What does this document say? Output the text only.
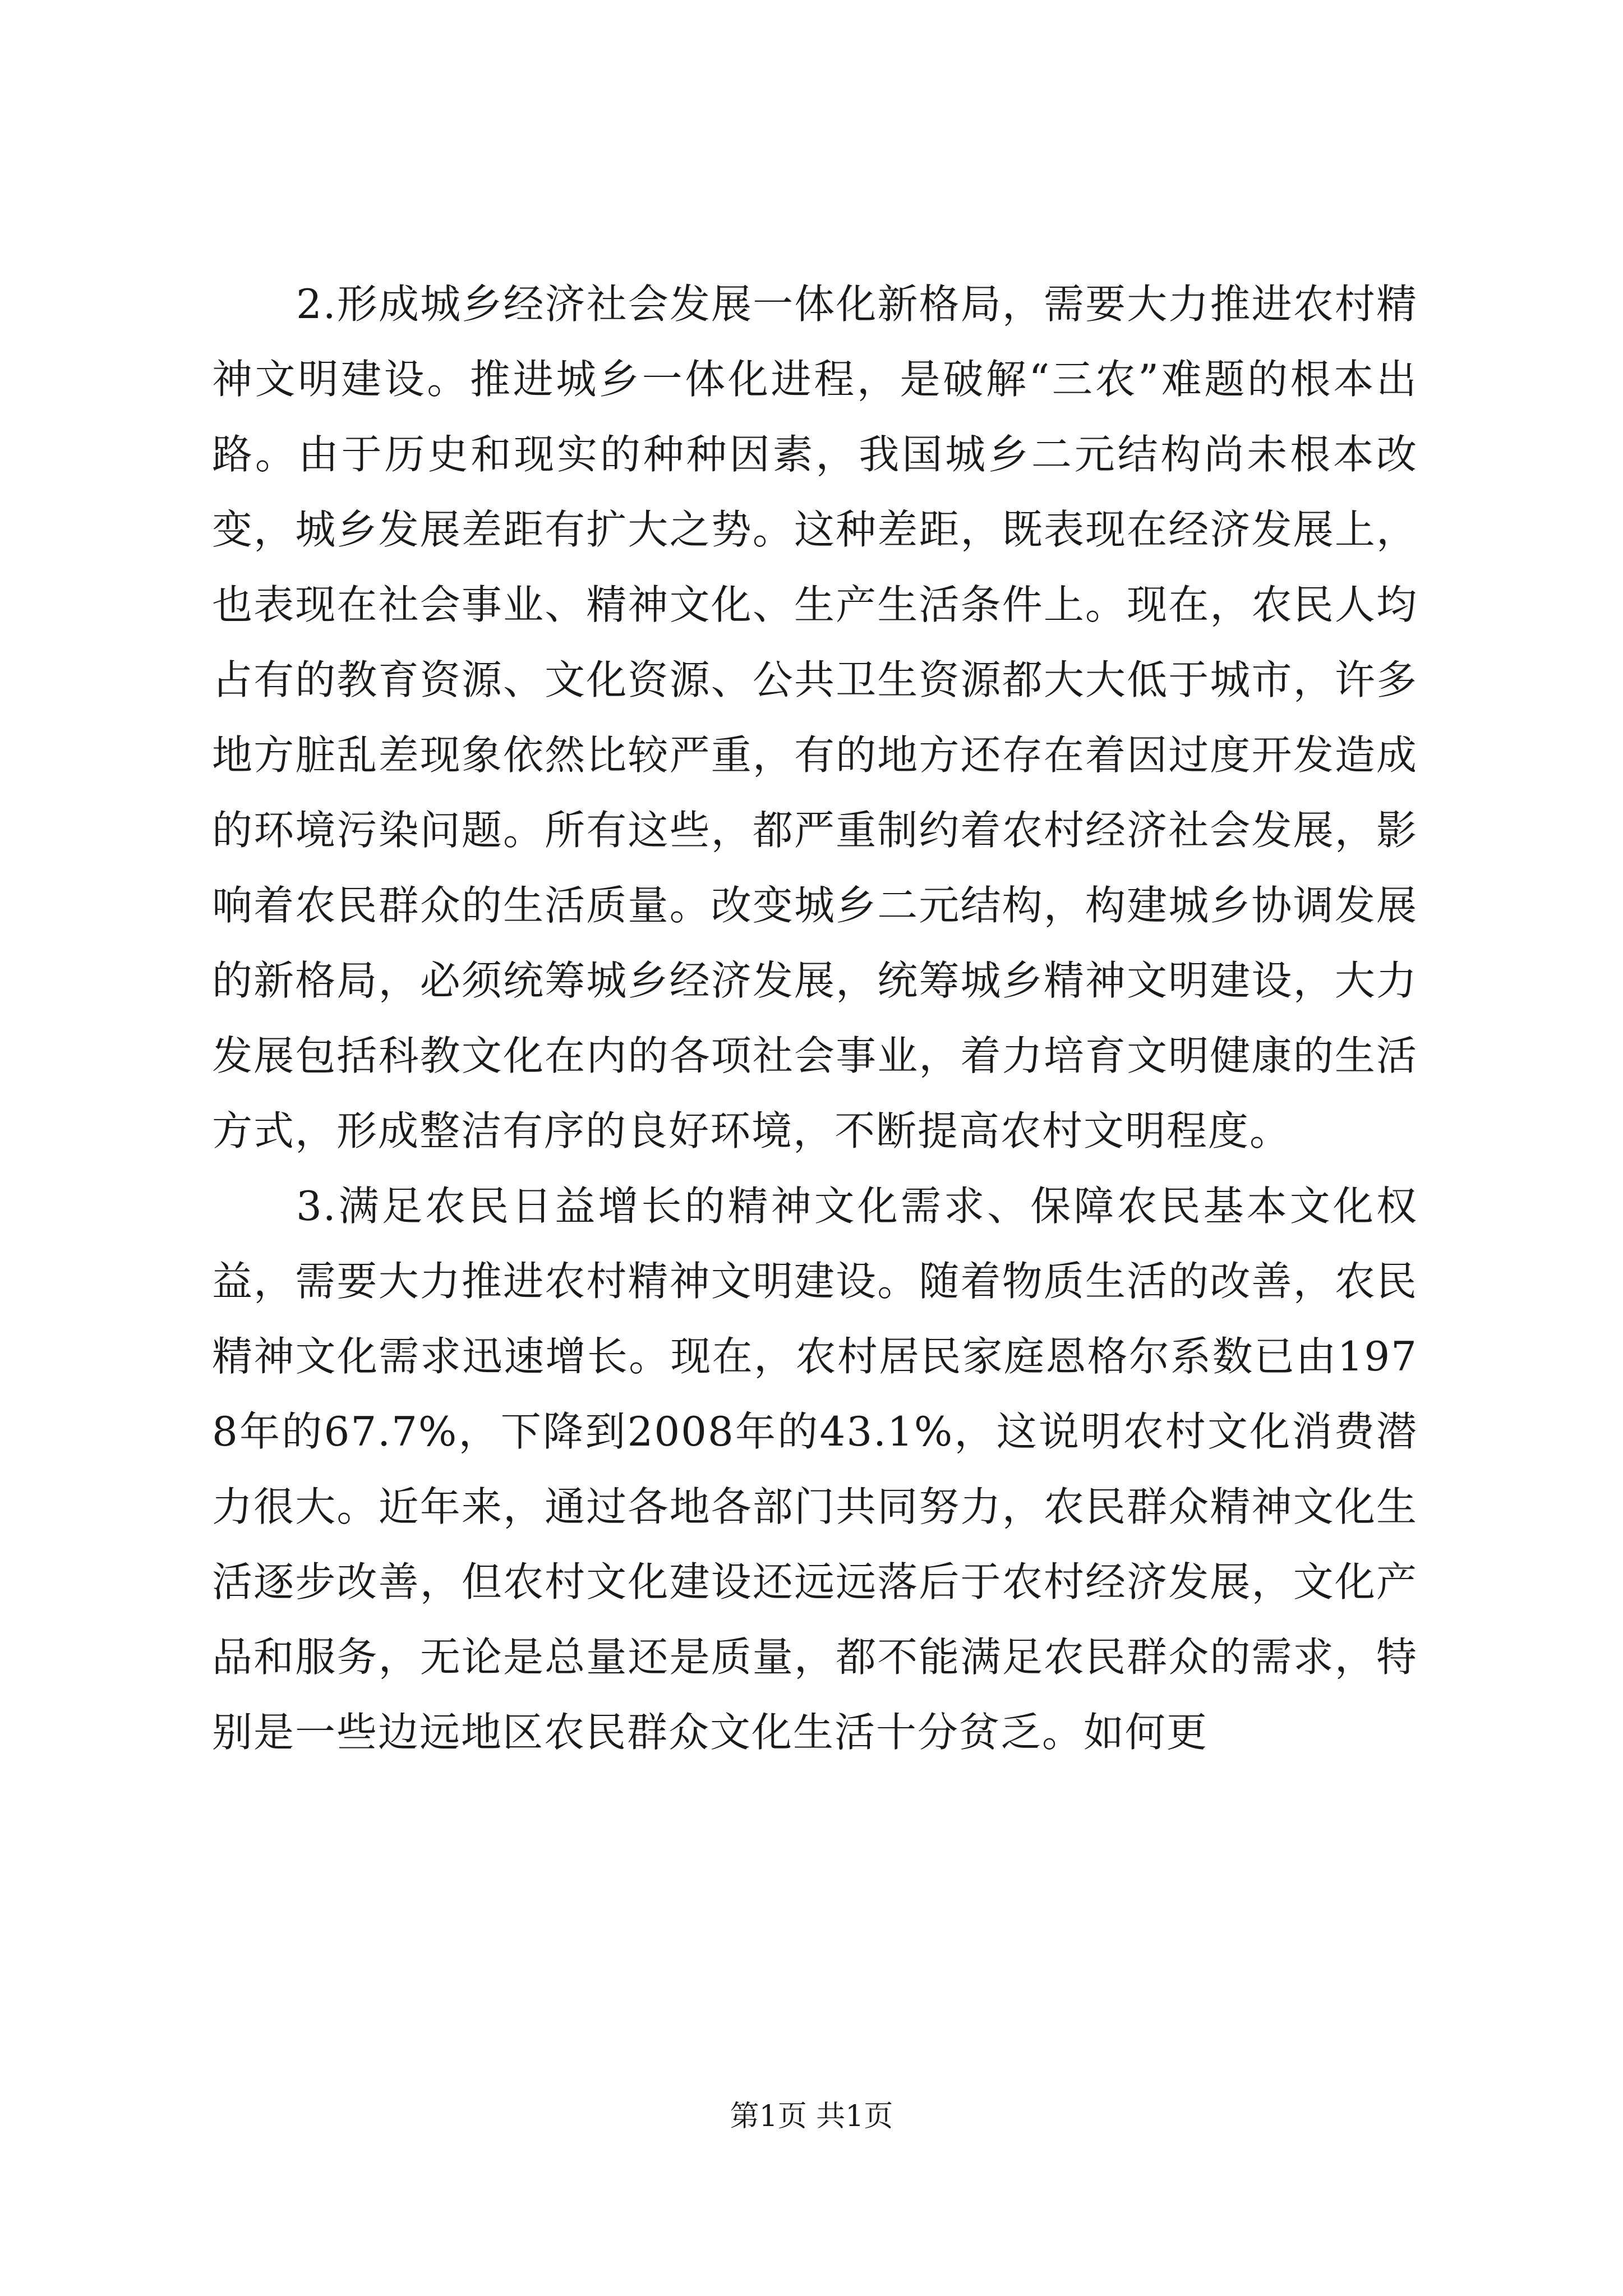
2.形成城乡经济社会发展一体化新格局，需要大力推进农村精神文明建设。推进城乡一体化进程，是破解“三农”难题的根本出路。由于历史和现实的种种因素，我国城乡二元结构尚未根本改变，城乡发展差距有扩大之势。这种差距，既表现在经济发展上，也表现在社会事业、精神文化、生产生活条件上。现在，农民人均占有的教育资源、文化资源、公共卫生资源都大大低于城市，许多地方脏乱差现象依然比较严重，有的地方还存在着因过度开发造成的环境污染问题。所有这些，都严重制约着农村经济社会发展，影响着农民群众的生活质量。改变城乡二元结构，构建城乡协调发展的新格局，必须统筹城乡经济发展，统筹城乡精神文明建设，大力发展包括科教文化在内的各项社会事业，着力培育文明健康的生活方式，形成整洁有序的良好环境，不断提高农村文明程度。

3.满足农民日益增长的精神文化需求、保障农民基本文化权益，需要大力推进农村精神文明建设。随着物质生活的改善，农民精神文化需求迅速增长。现在，农村居民家庭恩格尔系数已由1978年的67.7%，下降到2008年的43.1%，这说明农村文化消费潜力很大。近年来，通过各地各部门共同努力，农民群众精神文化生活逐步改善，但农村文化建设还远远落后于农村经济发展，文化产品和服务，无论是总量还是质量，都不能满足农民群众的需求，特别是一些边远地区农民群众文化生活十分贫乏。如何更

第1页 共1页
